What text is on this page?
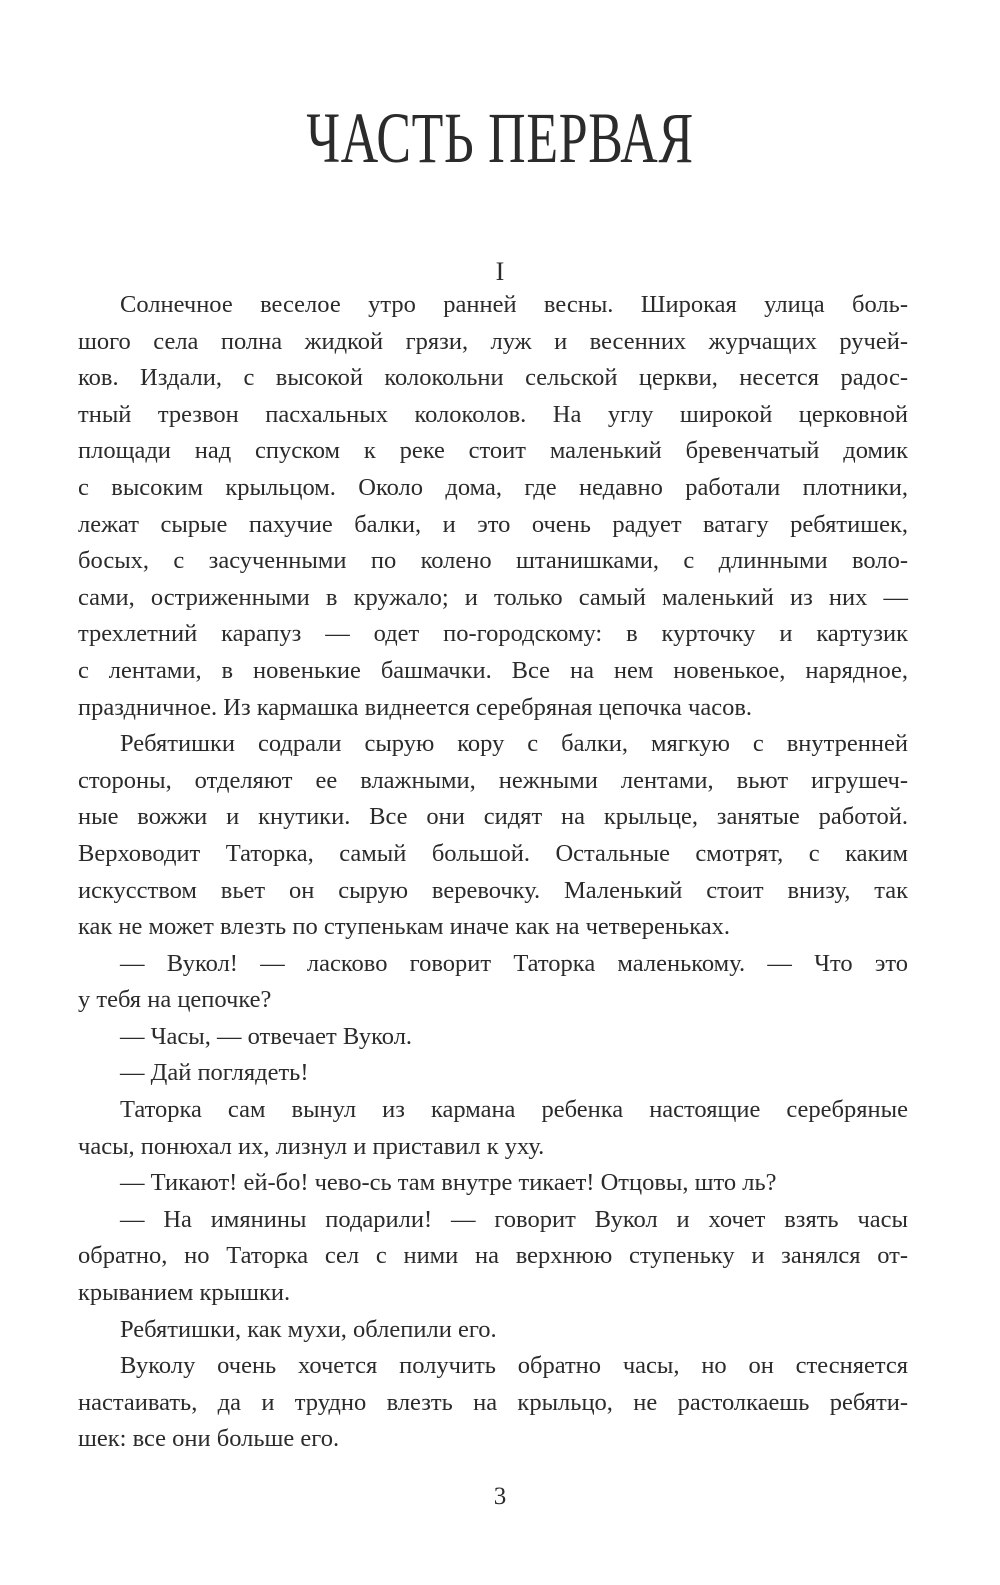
ЧАСТЬ ПЕРВАЯ
I
Солнечное веселое утро ранней весны. Широкая улица боль-
шого села полна жидкой грязи, луж и весенних журчащих ручей-
ков. Издали, с высокой колокольни сельской церкви, несется радос-
тный трезвон пасхальных колоколов. На углу широкой церковной
площади над спуском к реке стоит маленький бревенчатый домик
с высоким крыльцом. Около дома, где недавно работали плотники,
лежат сырые пахучие балки, и это очень радует ватагу ребятишек,
босых, с засученными по колено штанишками, с длинными воло-
сами, остриженными в кружало; и только самый маленький из них —
трехлетний карапуз — одет по-городскому: в курточку и картузик
с лентами, в новенькие башмачки. Все на нем новенькое, нарядное,
праздничное. Из кармашка виднеется серебряная цепочка часов.
Ребятишки содрали сырую кору с балки, мягкую с внутренней
стороны, отделяют ее влажными, нежными лентами, вьют игрушеч-
ные вожжи и кнутики. Все они сидят на крыльце, занятые работой.
Верховодит Таторка, самый большой. Остальные смотрят, с каким
искусством вьет он сырую веревочку. Маленький стоит внизу, так
как не может влезть по ступенькам иначе как на четвереньках.
— Вукол! — ласково говорит Таторка маленькому. — Что это
у тебя на цепочке?
— Часы, — отвечает Вукол.
— Дай поглядеть!
Таторка сам вынул из кармана ребенка настоящие серебряные
часы, понюхал их, лизнул и приставил к уху.
— Тикают! ей-бо! чево-сь там внутре тикает! Отцовы, што ль?
— На имянины подарили! — говорит Вукол и хочет взять часы
обратно, но Таторка сел с ними на верхнюю ступеньку и занялся от-
крыванием крышки.
Ребятишки, как мухи, облепили его.
Вуколу очень хочется получить обратно часы, но он стесняется
настаивать, да и трудно влезть на крыльцо, не растолкаешь ребяти-
шек: все они больше его.
3
